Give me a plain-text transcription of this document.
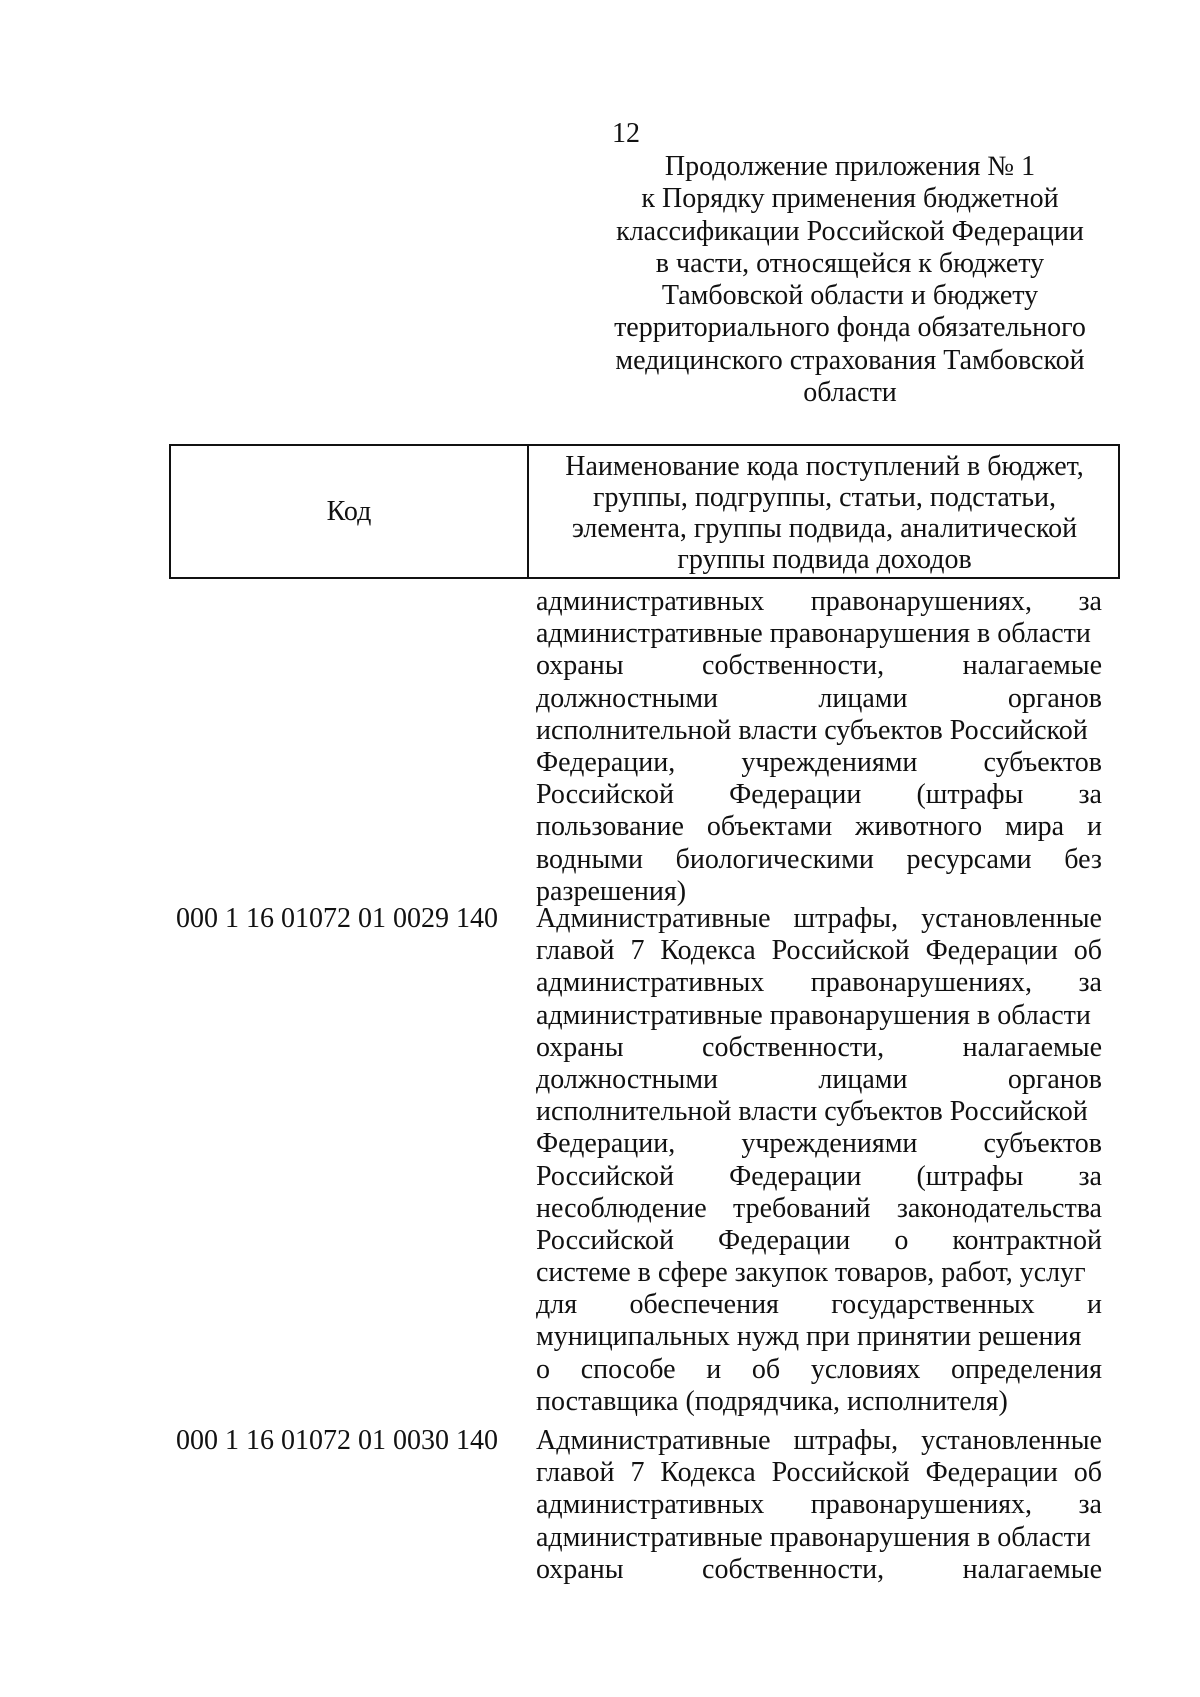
12
Продолжение приложения № 1
к Порядку применения бюджетной
классификации Российской Федерации
в части, относящейся к бюджету
Тамбовской области и бюджету
территориального фонда обязательного
медицинского страхования Тамбовской
области
Код
Наименование кода поступлений в бюджет,
группы, подгруппы, статьи, подстатьи,
элемента, группы подвида, аналитической
группы подвида доходов
административных правонарушениях, за
административные правонарушения в области
охраны	собственности,	налагаемые
должностными	лицами	органов
исполнительной власти субъектов Российской
Федерации, учреждениями субъектов
Российской Федерации (штрафы за
пользование объектами животного мира и
водными биологическими ресурсами без
разрешения)
000 1 16 01072 01 0029 140 Административные штрафы, установленные
главой 7 Кодекса Российской Федерации об
административных правонарушениях, за
административные правонарушения в области
охраны	собственности,	налагаемые
должностными	лицами	органов
исполнительной власти субъектов Российской
Федерации, учреждениями субъектов
Российской Федерации (штрафы за
несоблюдение требований законодательства
Российской Федерации о контрактной
системе в сфере закупок товаров, работ, услуг
для обеспечения государственных и
муниципальных нужд при принятии решения
о способе и об условиях определения
поставщика (подрядчика, исполнителя)
000 1 16 01072 01 0030 140 Административные штрафы, установленные
главой 7 Кодекса Российской Федерации об
административных правонарушениях, за
административные правонарушения в области
охраны	собственности,	налагаемые
